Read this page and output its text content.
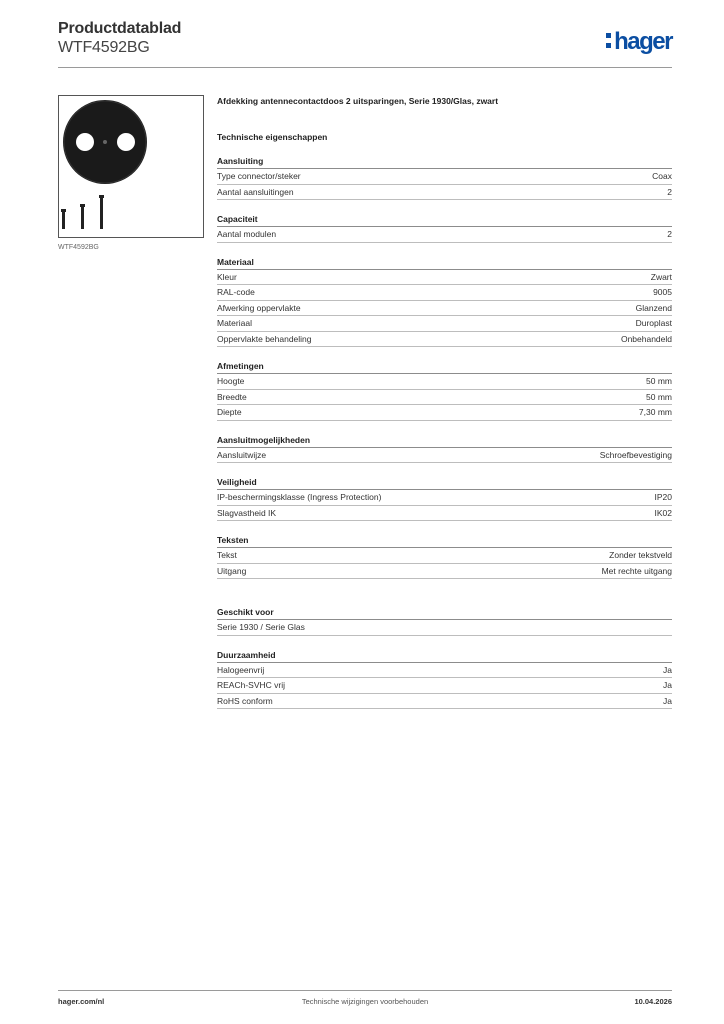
Productdatablad
WTF4592BG	hager
WTF4592BG
Afdekking antennecontactdoos 2 uitsparingen, Serie 1930/Glas, zwart
Technische eigenschappen
Aansluiting
Type connector/steker	Coax
Aantal aansluitingen	2
Capaciteit
Aantal modulen	2
Materiaal
Kleur	Zwart
RAL-code	9005
Afwerking oppervlakte	Glanzend
Materiaal	Duroplast
Oppervlakte behandeling	Onbehandeld
Afmetingen
Hoogte	50 mm
Breedte	50 mm
Diepte	7,30 mm
Aansluitmogelijkheden
Aansluitwijze	Schroefbevestiging
Veiligheid
IP-beschermingsklasse (Ingress Protection)	IP20
Slagvastheid IK	IK02
Teksten
Tekst	Zonder tekstveld
Uitgang	Met rechte uitgang
Geschikt voor
Serie 1930 / Serie Glas
Duurzaamheid
Halogeenvrij	Ja
REACh-SVHC vrij	Ja
RoHS conform	Ja
hager.com/nl	Technische wijzigingen voorbehouden	10.04.2026
